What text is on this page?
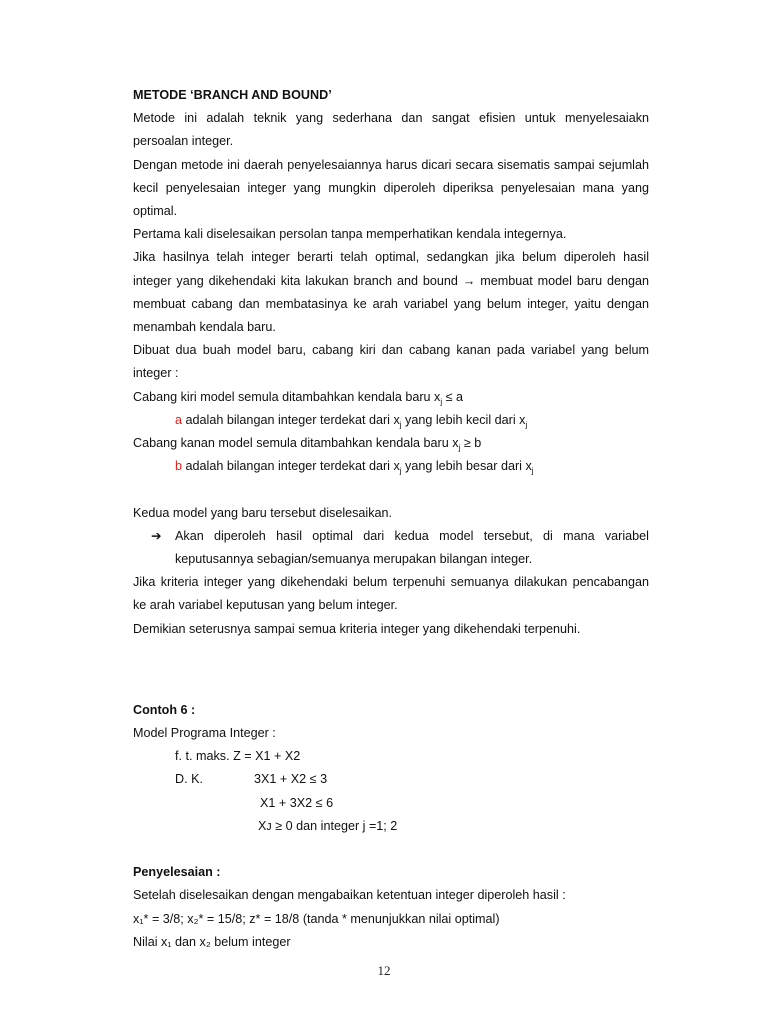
METODE ‘BRANCH AND BOUND’
Metode ini adalah teknik yang sederhana dan sangat efisien untuk menyelesaiakn
persoalan integer.
Dengan metode ini daerah penyelesaiannya harus dicari secara sisematis sampai sejumlah
kecil penyelesaian integer yang mungkin diperoleh diperiksa penyelesaian mana yang
optimal.
Pertama kali diselesaikan persolan tanpa memperhatikan kendala integernya.
Jika hasilnya telah integer berarti telah optimal, sedangkan jika belum diperoleh hasil
integer yang dikehendaki kita lakukan branch and bound → membuat model baru dengan
membuat cabang dan membatasinya ke arah variabel yang belum integer, yaitu dengan
menambah kendala baru.
Dibuat dua buah model baru, cabang kiri dan cabang kanan pada variabel yang belum
integer :
Cabang kiri model semula ditambahkan kendala baru $x_j \le a$
a adalah bilangan integer terdekat dari $x_j$ yang lebih kecil dari $x_j$
Cabang kanan model semula ditambahkan kendala baru $x_j \ge b$
b adalah bilangan integer terdekat dari $x_j$ yang lebih besar dari $x_j$
Kedua model yang baru tersebut diselesaikan.
➔	Akan diperoleh hasil optimal dari kedua model tersebut, di mana variabel
keputusannya sebagian/semuanya merupakan bilangan integer.
Jika kriteria integer yang dikehendaki belum terpenuhi semuanya dilakukan pencabangan
ke arah variabel keputusan yang belum integer.
Demikian seterusnya sampai semua kriteria integer yang dikehendaki terpenuhi.
Contoh 6 :
Model Programa Integer :
f. t. maks. Z = X1 + X2
D. K.	3X1 + X2 ≤ 3
X1 + 3X2 ≤ 6
Xᴊ ≥ 0 dan integer j =1; 2
Penyelesaian :
Setelah diselesaikan dengan mengabaikan ketentuan integer diperoleh hasil :
x₁* = 3/8; x₂* = 15/8; z* = 18/8 (tanda * menunjukkan nilai optimal)
Nilai x₁ dan x₂ belum integer
12
